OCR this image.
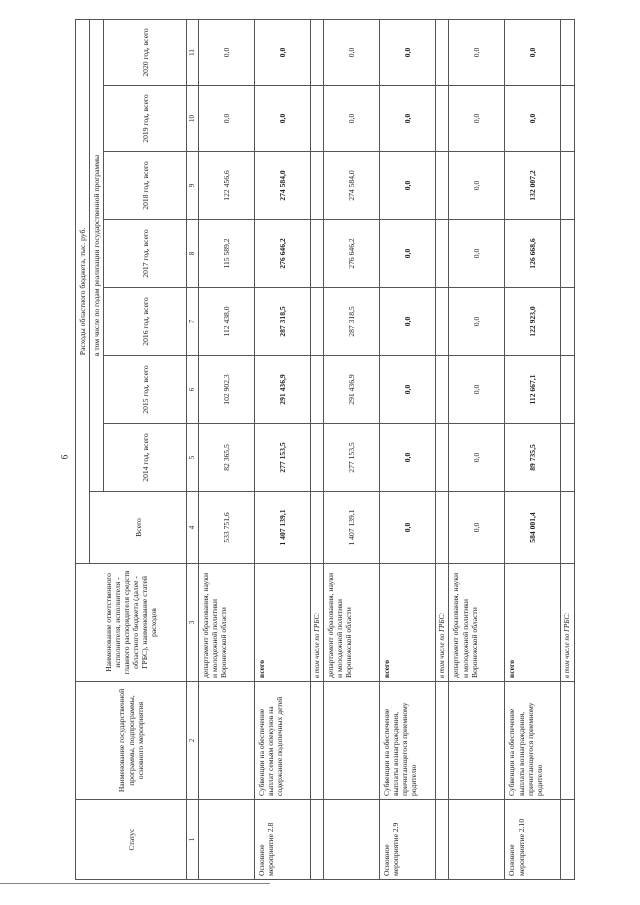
9
Статус	Наименование государственной программы, подпрограммы, основного мероприятия	Наименование ответственного исполнителя, исполнителя - главного распорядителя средств областного бюджета (далее - ГРБС), наименование статей расходов	Расходы областного бюджета, тыс. руб.							
			Всего	в том числе по годам реализации государственной программы						
				2014 год, всего	2015 год, всего	2016 год, всего	2017 год, всего	2018 год, всего	2019 год, всего	2020 год, всего
1	2	3	4	5	6	7	8	9	10	11
		департамент образования, науки и молодежной политики Воронежской области	533 751,6	82 365,5	102 902,3	112 438,0	115 589,2	122 456,6	0,0	0,0
Основное мероприятие 2.8	Субвенции на обеспечение выплат семьям опекунов на содержание подопечных детей	всего	1 407 139,1	277 153,5	291 436,9	287 318,5	276 646,2	274 584,0	0,0	0,0
		в том числе по ГРБС:								
		департамент образования, науки и молодежной политики Воронежской области	1 407 139,1	277 153,5	291 436,9	287 318,5	276 646,2	274 584,0	0,0	0,0
Основное мероприятие 2.9	Субвенции на обеспечение выплаты вознаграждения, причитающегося приемному родителю	всего	0,0	0,0	0,0	0,0	0,0	0,0	0,0	0,0
		в том числе по ГРБС:								
		департамент образования, науки и молодежной политики Воронежской области	0,0	0,0	0,0	0,0	0,0	0,0	0,0	0,0
Основное мероприятие 2.10	Субвенции на обеспечение выплаты вознаграждения, причитающегося приемному родителю	всего	584 001,4	89 735,5	112 667,1	122 923,0	126 668,6	132 007,2	0,0	0,0
		в том числе по ГРБС:								
